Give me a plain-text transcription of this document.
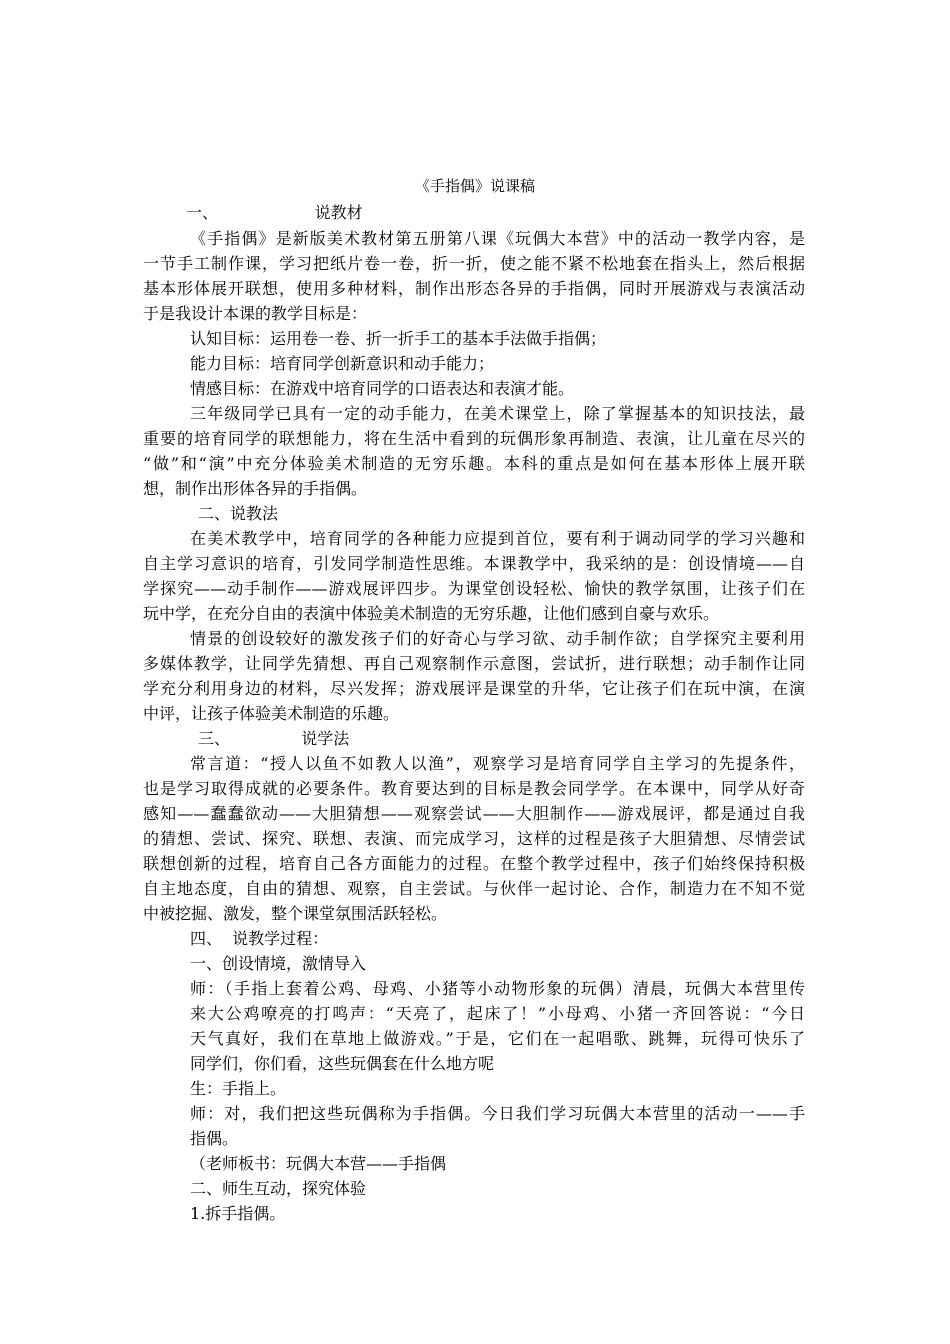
《手指偶》说课稿
一、                   说教材
《手指偶》是新版美术教材第五册第八课《玩偶大本营》中的活动一教学内容，是
一节手工制作课，学习把纸片卷一卷，折一折，使之能不紧不松地套在指头上，然后根据
基本形体展开联想，使用多种材料，制作出形态各异的手指偶，同时开展游戏与表演活动
于是我设计本课的教学目标是：
认知目标：运用卷一卷、折一折手工的基本手法做手指偶；
能力目标：培育同学创新意识和动手能力；
情感目标：在游戏中培育同学的口语表达和表演才能。
三年级同学已具有一定的动手能力，在美术课堂上，除了掌握基本的知识技法，最
重要的培育同学的联想能力，将在生活中看到的玩偶形象再制造、表演，让儿童在尽兴的
“做”和“演”中充分体验美术制造的无穷乐趣。本科的重点是如何在基本形体上展开联
想，制作出形体各异的手指偶。
二、说教法
在美术教学中，培育同学的各种能力应提到首位，要有利于调动同学的学习兴趣和
自主学习意识的培育，引发同学制造性思维。本课教学中，我采纳的是：创设情境——自
学探究——动手制作——游戏展评四步。为课堂创设轻松、愉快的教学氛围，让孩子们在
玩中学，在充分自由的表演中体验美术制造的无穷乐趣，让他们感到自豪与欢乐。
情景的创设较好的激发孩子们的好奇心与学习欲、动手制作欲；自学探究主要利用
多媒体教学，让同学先猜想、再自己观察制作示意图，尝试折，进行联想；动手制作让同
学充分利用身边的材料，尽兴发挥；游戏展评是课堂的升华，它让孩子们在玩中演，在演
中评，让孩子体验美术制造的乐趣。
三、              说学法
常言道：“授人以鱼不如教人以渔”，观察学习是培育同学自主学习的先提条件，
也是学习取得成就的必要条件。教育要达到的目标是教会同学学。在本课中，同学从好奇
感知——蠢蠢欲动——大胆猜想——观察尝试——大胆制作——游戏展评，都是通过自我
的猜想、尝试、探究、联想、表演、而完成学习，这样的过程是孩子大胆猜想、尽情尝试
联想创新的过程，培育自己各方面能力的过程。在整个教学过程中，孩子们始终保持积极
自主地态度，自由的猜想、观察，自主尝试。与伙伴一起讨论、合作，制造力在不知不觉
中被挖掘、激发，整个课堂氛围活跃轻松。
四、  说教学过程：
一、创设情境，激情导入
师：（手指上套着公鸡、母鸡、小猪等小动物形象的玩偶）清晨，玩偶大本营里传
来大公鸡嘹亮的打鸣声：“天亮了，起床了！”小母鸡、小猪一齐回答说：“今日
天气真好，我们在草地上做游戏。”于是，它们在一起唱歌、跳舞，玩得可快乐了
同学们，你们看，这些玩偶套在什么地方呢
生：手指上。
师：对，我们把这些玩偶称为手指偶。今日我们学习玩偶大本营里的活动一——手
指偶。
（老师板书：玩偶大本营——手指偶
二、师生互动，探究体验
1.拆手指偶。
